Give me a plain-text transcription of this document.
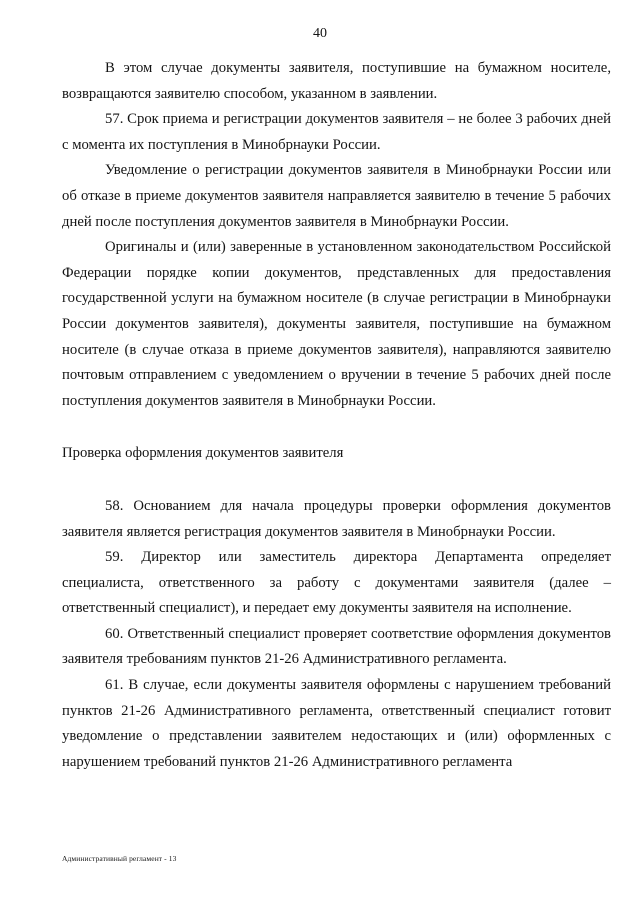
40

В этом случае документы заявителя, поступившие на бумажном носителе, возвращаются заявителю способом, указанном в заявлении.

57. Срок приема и регистрации документов заявителя – не более 3 рабочих дней с момента их поступления в Минобрнауки России.

Уведомление о регистрации документов заявителя в Минобрнауки России или об отказе в приеме документов заявителя направляется заявителю в течение 5 рабочих дней после поступления документов заявителя в Минобрнауки России.

Оригиналы и (или) заверенные в установленном законодательством Российской Федерации порядке копии документов, представленных для предоставления государственной услуги на бумажном носителе (в случае регистрации в Минобрнауки России документов заявителя), документы заявителя, поступившие на бумажном носителе (в случае отказа в приеме документов заявителя), направляются заявителю почтовым отправлением с уведомлением о вручении в течение 5 рабочих дней после поступления документов заявителя в Минобрнауки России.

Проверка оформления документов заявителя

58. Основанием для начала процедуры проверки оформления документов заявителя является регистрация документов заявителя в Минобрнауки России.

59. Директор или заместитель директора Департамента определяет специалиста, ответственного за работу с документами заявителя (далее – ответственный специалист), и передает ему документы заявителя на исполнение.

60. Ответственный специалист проверяет соответствие оформления документов заявителя требованиям пунктов 21-26 Административного регламента.

61. В случае, если документы заявителя оформлены с нарушением требований пунктов 21-26 Административного регламента, ответственный специалист готовит уведомление о представлении заявителем недостающих и (или) оформленных с нарушением требований пунктов 21-26 Административного регламента

Административный регламент - 13
